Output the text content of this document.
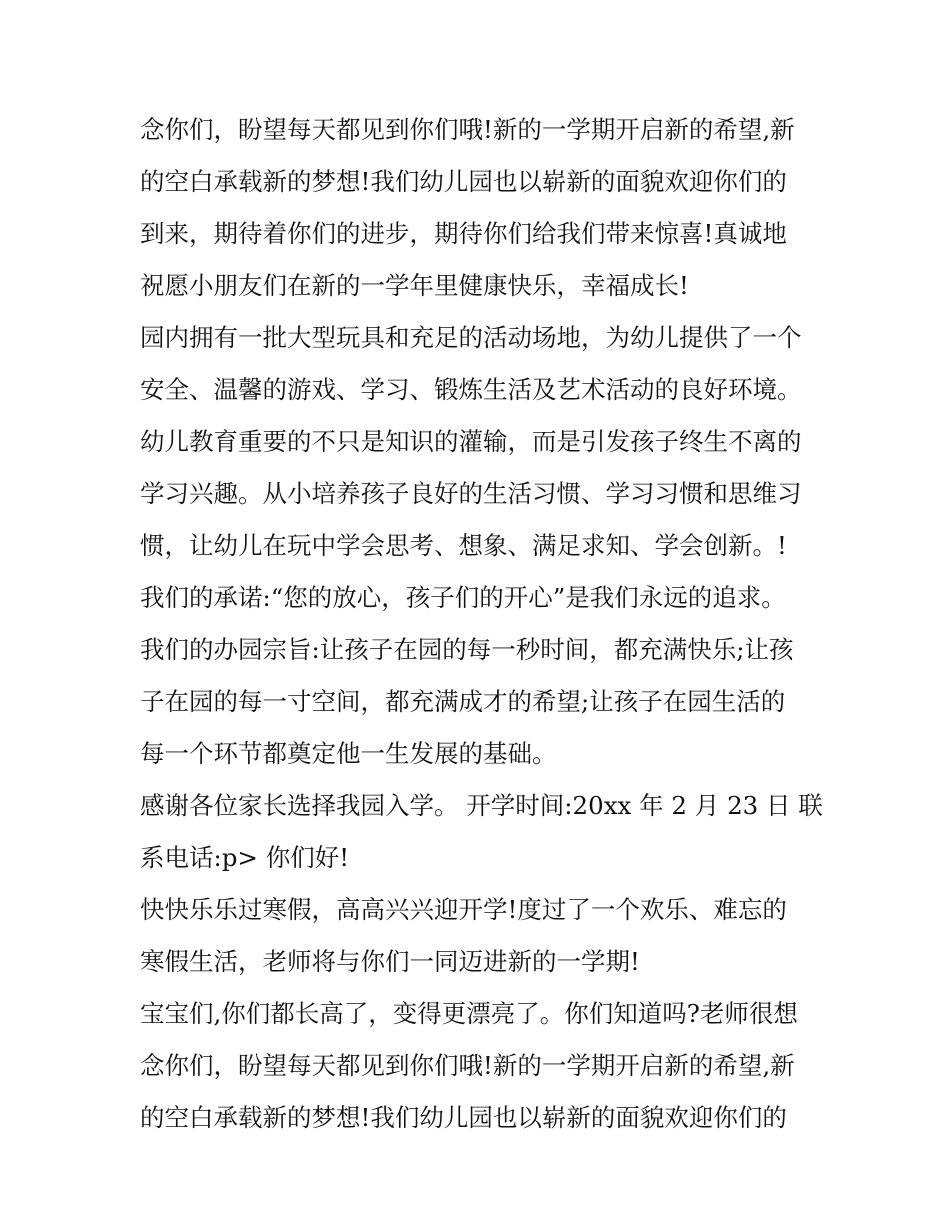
念你们，盼望每天都见到你们哦!新的一学期开启新的希望,新
的空白承载新的梦想!我们幼儿园也以崭新的面貌欢迎你们的
到来，期待着你们的进步，期待你们给我们带来惊喜!真诚地
祝愿小朋友们在新的一学年里健康快乐，幸福成长!
园内拥有一批大型玩具和充足的活动场地，为幼儿提供了一个
安全、温馨的游戏、学习、锻炼生活及艺术活动的良好环境。
幼儿教育重要的不只是知识的灌输，而是引发孩子终生不离的
学习兴趣。从小培养孩子良好的生活习惯、学习习惯和思维习
惯，让幼儿在玩中学会思考、想象、满足求知、学会创新。!
我们的承诺:“您的放心，孩子们的开心”是我们永远的追求。
我们的办园宗旨:让孩子在园的每一秒时间，都充满快乐;让孩
子在园的每一寸空间，都充满成才的希望;让孩子在园生活的
每一个环节都奠定他一生发展的基础。
感谢各位家长选择我园入学。 开学时间:20xx 年 2 月 23 日 联
系电话:p> 你们好!
快快乐乐过寒假，高高兴兴迎开学!度过了一个欢乐、难忘的
寒假生活，老师将与你们一同迈进新的一学期!
宝宝们,你们都长高了，变得更漂亮了。你们知道吗?老师很想
念你们，盼望每天都见到你们哦!新的一学期开启新的希望,新
的空白承载新的梦想!我们幼儿园也以崭新的面貌欢迎你们的
